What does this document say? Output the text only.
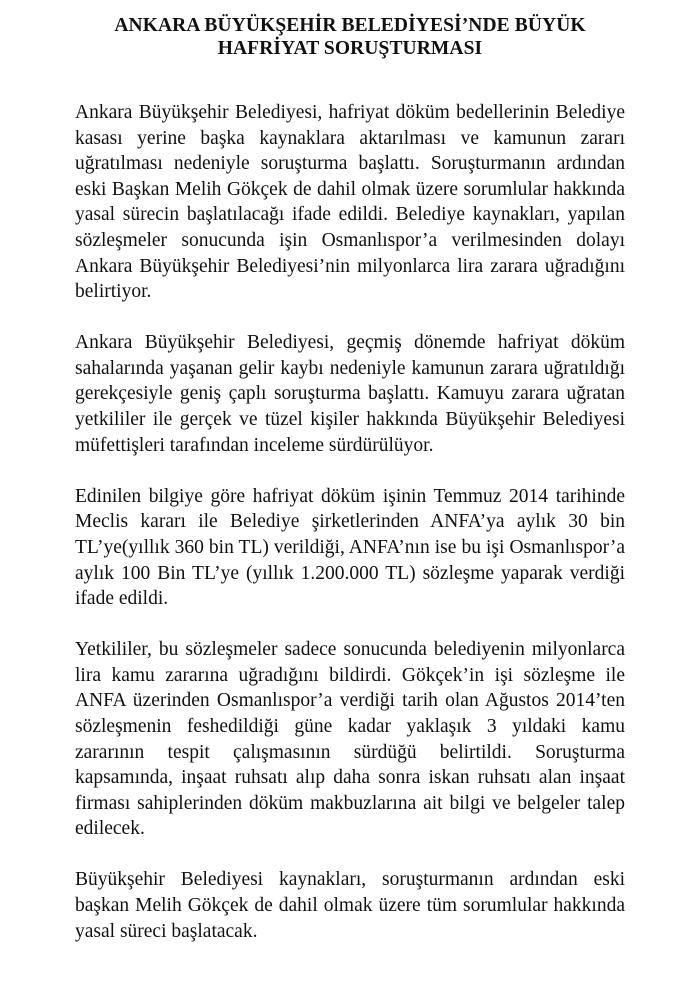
ANKARA BÜYÜKŞEHİR BELEDİYESİ’NDE BÜYÜK
HAFRİYAT SORUŞTURMASI

Ankara Büyükşehir Belediyesi, hafriyat döküm bedellerinin Belediye kasası yerine başka kaynaklara aktarılması ve kamunun zararı uğratılması nedeniyle soruşturma başlattı. Soruşturmanın ardından eski Başkan Melih Gökçek de dahil olmak üzere sorumlular hakkında yasal sürecin başlatılacağı ifade edildi. Belediye kaynakları, yapılan sözleşmeler sonucunda işin Osmanlıspor’a verilmesinden dolayı Ankara Büyükşehir Belediyesi’nin milyonlarca lira zarara uğradığını belirtiyor.

Ankara Büyükşehir Belediyesi, geçmiş dönemde hafriyat döküm sahalarında yaşanan gelir kaybı nedeniyle kamunun zarara uğratıldığı gerekçesiyle geniş çaplı soruşturma başlattı. Kamuyu zarara uğratan yetkililer ile gerçek ve tüzel kişiler hakkında Büyükşehir Belediyesi müfettişleri tarafından inceleme sürdürülüyor.

Edinilen bilgiye göre hafriyat döküm işinin Temmuz 2014 tarihinde Meclis kararı ile Belediye şirketlerinden ANFA’ya aylık 30 bin TL’ye(yıllık 360 bin TL) verildiği, ANFA’nın ise bu işi Osmanlıspor’a aylık 100 Bin TL’ye (yıllık 1.200.000 TL) sözleşme yaparak verdiği ifade edildi.

Yetkililer, bu sözleşmeler sadece sonucunda belediyenin milyonlarca lira kamu zararına uğradığını bildirdi. Gökçek’in işi sözleşme ile ANFA üzerinden Osmanlıspor’a verdiği tarih olan Ağustos 2014’ten sözleşmenin feshedildiği güne kadar yaklaşık 3 yıldaki kamu zararının tespit çalışmasının sürdüğü belirtildi. Soruşturma kapsamında, inşaat ruhsatı alıp daha sonra iskan ruhsatı alan inşaat firması sahiplerinden döküm makbuzlarına ait bilgi ve belgeler talep edilecek.

Büyükşehir Belediyesi kaynakları, soruşturmanın ardından eski başkan Melih Gökçek de dahil olmak üzere tüm sorumlular hakkında yasal süreci başlatacak.
